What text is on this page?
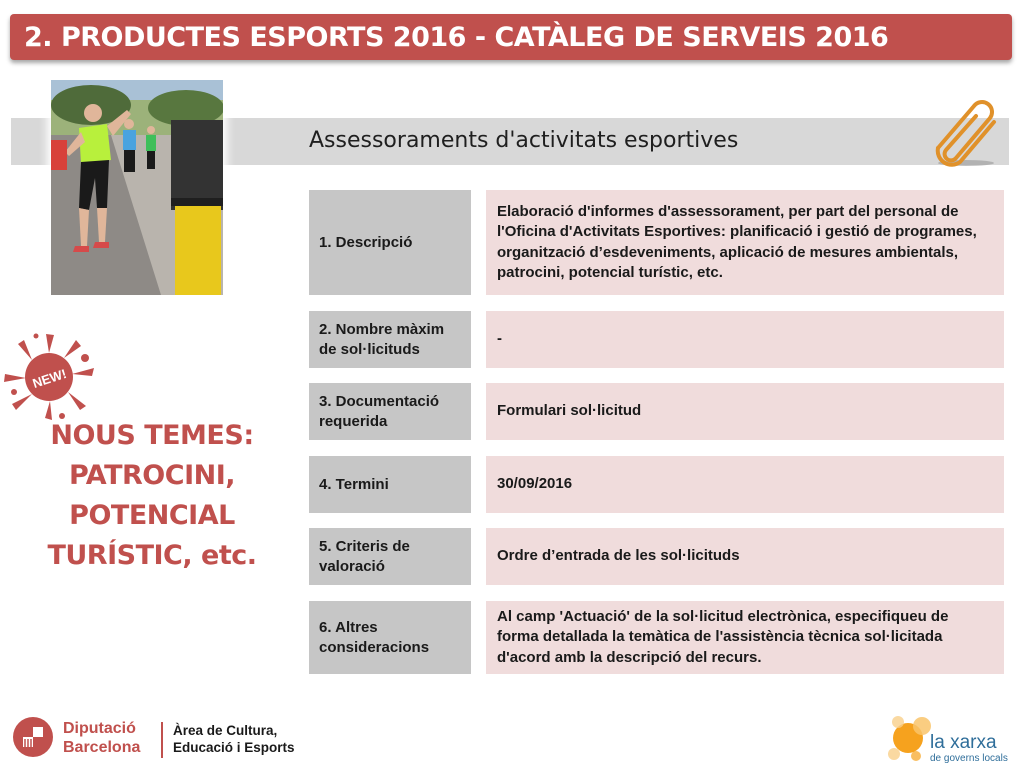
2. PRODUCTES ESPORTS 2016 - CATÀLEG DE SERVEIS 2016
Assessoraments d'activitats esportives
NEW!
NOUS TEMES:
PATROCINI,
POTENCIAL
TURÍSTIC, etc.
1. Descripció
Elaboració d'informes d'assessorament, per part del personal de l'Oficina d'Activitats Esportives: planificació i gestió de programes, organització d’esdeveniments, aplicació de mesures ambientals, patrocini, potencial turístic, etc.
2. Nombre màxim de sol·licituds
-
3. Documentació requerida
Formulari sol·licitud
4. Termini	30/09/2016
5. Criteris de valoració
Ordre d’entrada de les sol·licituds
6. Altres consideracions
Al camp 'Actuació' de la sol·licitud electrònica, especifiqueu de forma detallada la temàtica de l'assistència tècnica sol·licitada d'acord amb la descripció del recurs.
Diputació
Barcelona
Àrea de Cultura,
Educació i Esports	la xarxa
de governs locals
